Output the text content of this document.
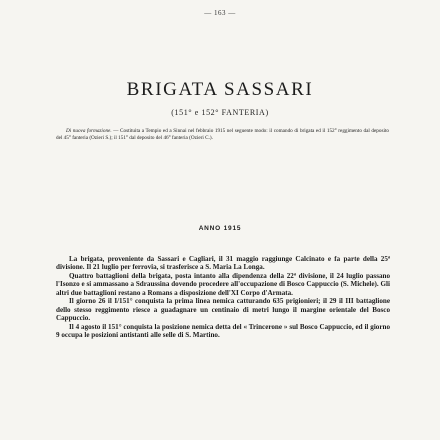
— 163 —
BRIGATA SASSARI
(151° e 152° FANTERIA)

Di nuova formazione. — Costituita a Tempio ed a Sinnai nel febbraio 1915 nel seguente modo: il comando di brigata ed il 152° reggimento dal deposito del 45° fanteria (Ozieri S.); il 151° dal deposito del 46° fanteria (Ozieri C.).

ANNO 1915

La brigata, proveniente da Sassari e Cagliari, il 31 maggio raggiunge Calcinato e fa parte della 25ª divisione. Il 21 luglio per ferrovia, si trasferisce a S. Maria La Longa.

Quattro battaglioni della brigata, posta intanto alla dipendenza della 22ª divisione, il 24 luglio passano l'Isonzo e si ammassano a Sdraussina dovendo procedere all'occupazione di Bosco Cappuccio (S. Michele). Gli altri due battaglioni restano a Romans a disposizione dell'XI Corpo d'Armata.

Il giorno 26 il I/151° conquista la prima linea nemica catturando 635 prigionieri; il 29 il III battaglione dello stesso reggimento riesce a guadagnare un centinaio di metri lungo il margine orientale del Bosco Cappuccio.

Il 4 agosto il 151° conquista la posizione nemica detta del « Trincerone » sul Bosco Cappuccio, ed il giorno 9 occupa le posizioni antistanti alle selle di S. Martino.
